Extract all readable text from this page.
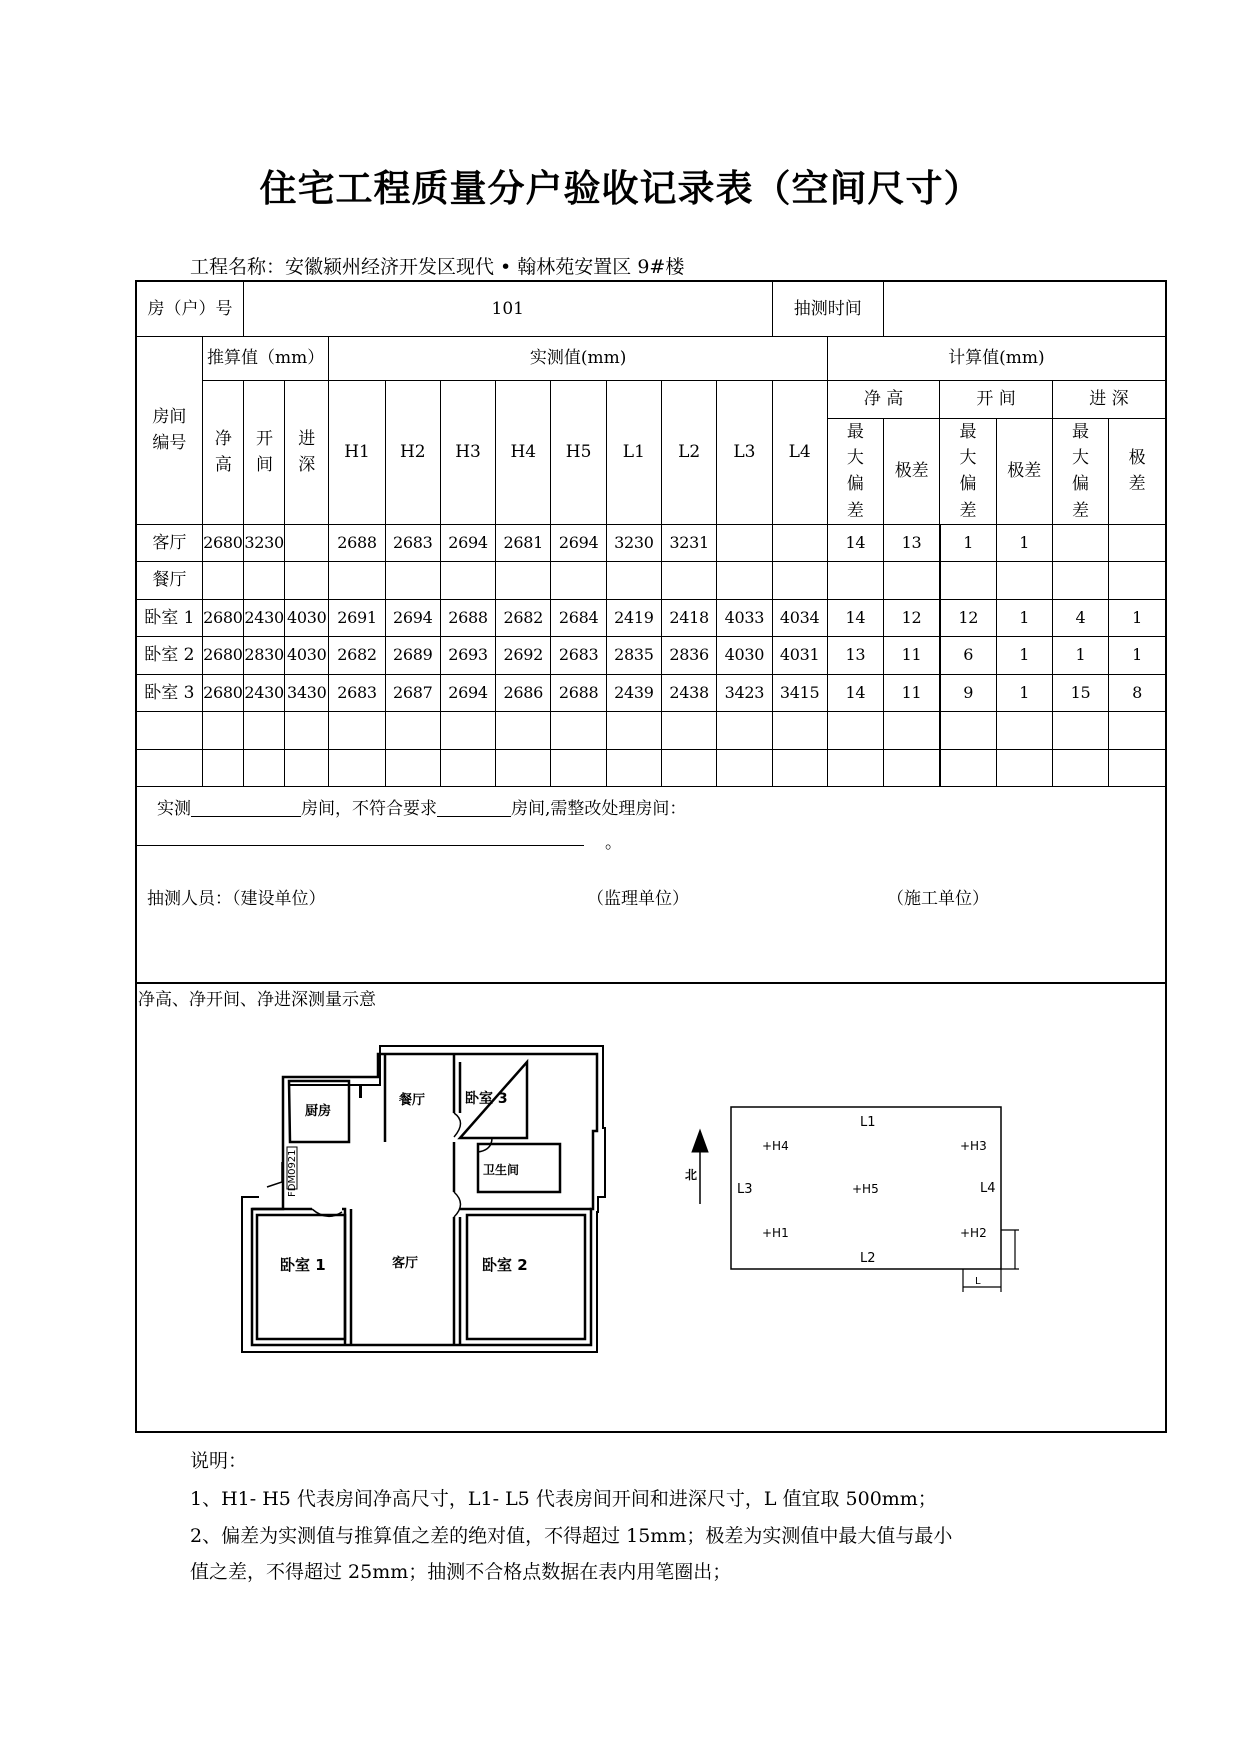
住宅工程质量分户验收记录表（空间尺寸）
工程名称：安徽颍州经济开发区现代 • 翰林苑安置区 9#楼
房（户）号		101										抽测时间						
房间编号	推算值（mm）			实测值(mm)									计算值(mm)					
	净高	开间	进深	H1	H2	H3	H4	H5	L1	L2	L3	L4	净 高		开 间		进 深	
													最大偏差	极差	最大偏差	极差	最大偏差	极差
客厅	2680	3230		2688	2683	2694	2681	2694	3230	3231			14	13	1	1		
餐厅																		
卧室 1	2680	2430	4030	2691	2694	2688	2682	2684	2419	2418	4033	4034	14	12	12	1	4	1
卧室 2	2680	2830	4030	2682	2689	2693	2692	2683	2835	2836	4030	4031	13	11	6	1	1	1
卧室 3	2680	2430	3430	2683	2687	2694	2686	2688	2439	2438	3423	3415	14	11	9	1	15	8

实测	房间，不符合要求	房间,需整改处理房间：
。
抽测人员：（建设单位）	（监理单位）	（施工单位）
净高、净开间、净进深测量示意
厨房
餐厅	卧室 3
卫生间
卧室 1	客厅	卧室 2
FDM0921	北
L1
L2
L3	L4
+H1	+H2
+H3
+H4
+H5
L
说明：
1、H1- H5 代表房间净高尺寸，L1- L5 代表房间开间和进深尺寸，L 值宜取 500mm；
2、偏差为实测值与推算值之差的绝对值，不得超过 15mm；极差为实测值中最大值与最小
值之差，不得超过 25mm；抽测不合格点数据在表内用笔圈出；
